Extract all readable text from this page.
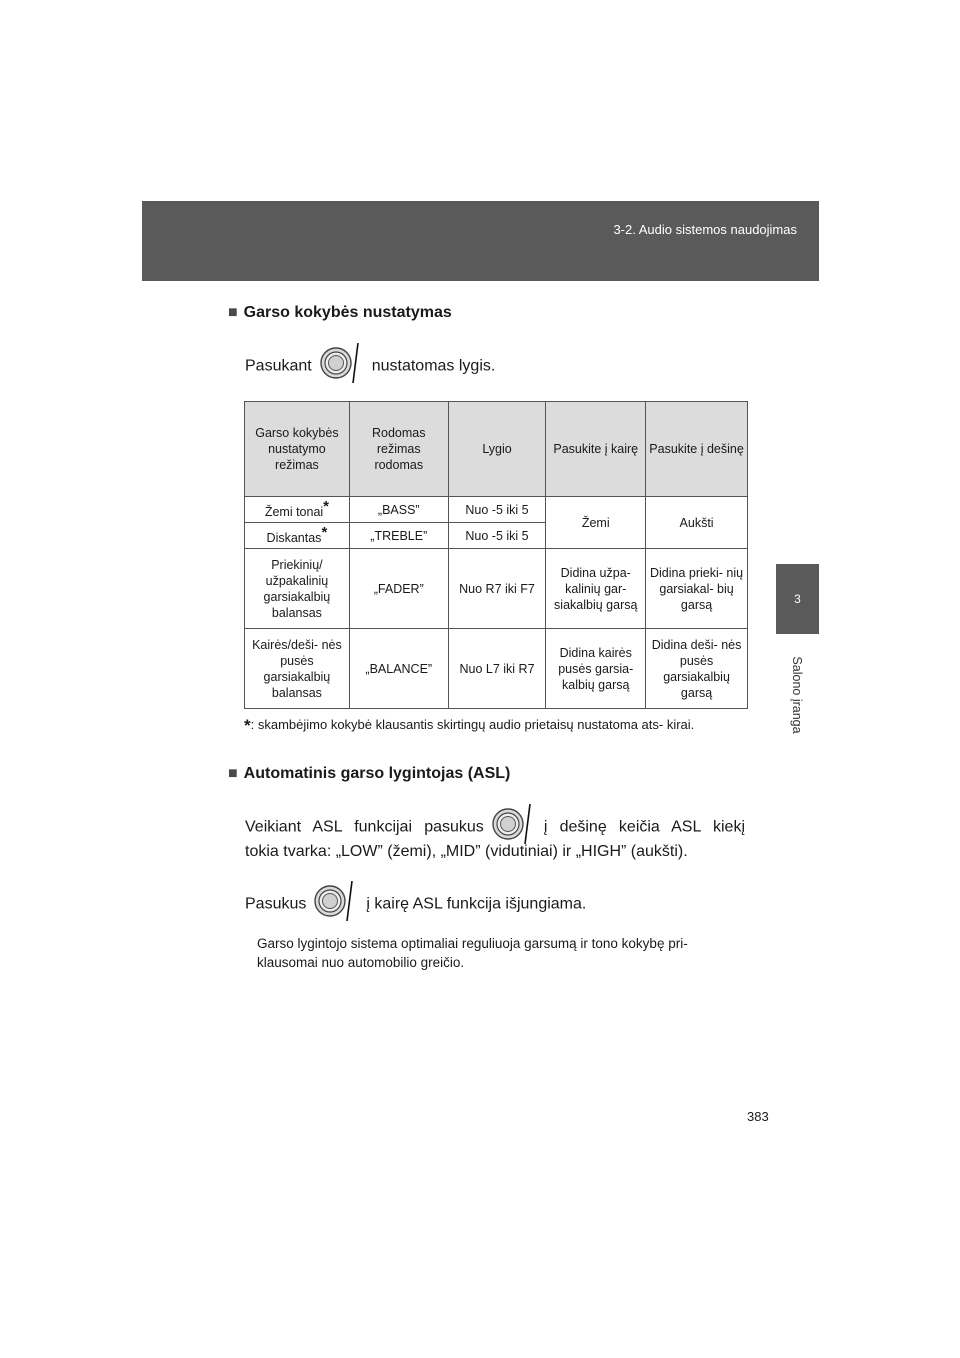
3-2. Audio sistemos naudojimas
3
Salono įranga
■ Garso kokybės nustatymas
Pasukant	nustatomas lygis.
Garso kokybės nustatymo režimas	Rodomas režimas rodomas	Lygio	Pasukite į kairę	Pasukite į dešinę
Žemi tonai*	„BASS”	Nuo -5 iki 5	Žemi	Aukšti
Diskantas*	„TREBLE”	Nuo -5 iki 5		
Priekinių/ užpakalinių garsiakalbių balansas	„FADER”	Nuo R7 iki F7	Didina užpa- kalinių gar- siakalbių garsą	Didina prieki- nių garsiakal- bių garsą
Kairės/deši- nės pusės garsiakalbių balansas	„BALANCE”	Nuo L7 iki R7	Didina kairės pusės garsia- kalbių garsą	Didina deši- nės pusės garsiakalbių garsą
*: skambėjimo kokybė klausantis skirtingų audio prietaisų nustatoma ats- kirai.
■ Automatinis garso lygintojas (ASL)
Veikiant ASL funkcijai pasukus	į dešinę keičia ASL kiekį
tokia tvarka: „LOW” (žemi), „MID” (vidutiniai) ir „HIGH” (aukšti).
Pasukus	į kairę ASL funkcija išjungiama.
Garso lygintojo sistema optimaliai reguliuoja garsumą ir tono kokybę pri- klausomai nuo automobilio greičio.
383
